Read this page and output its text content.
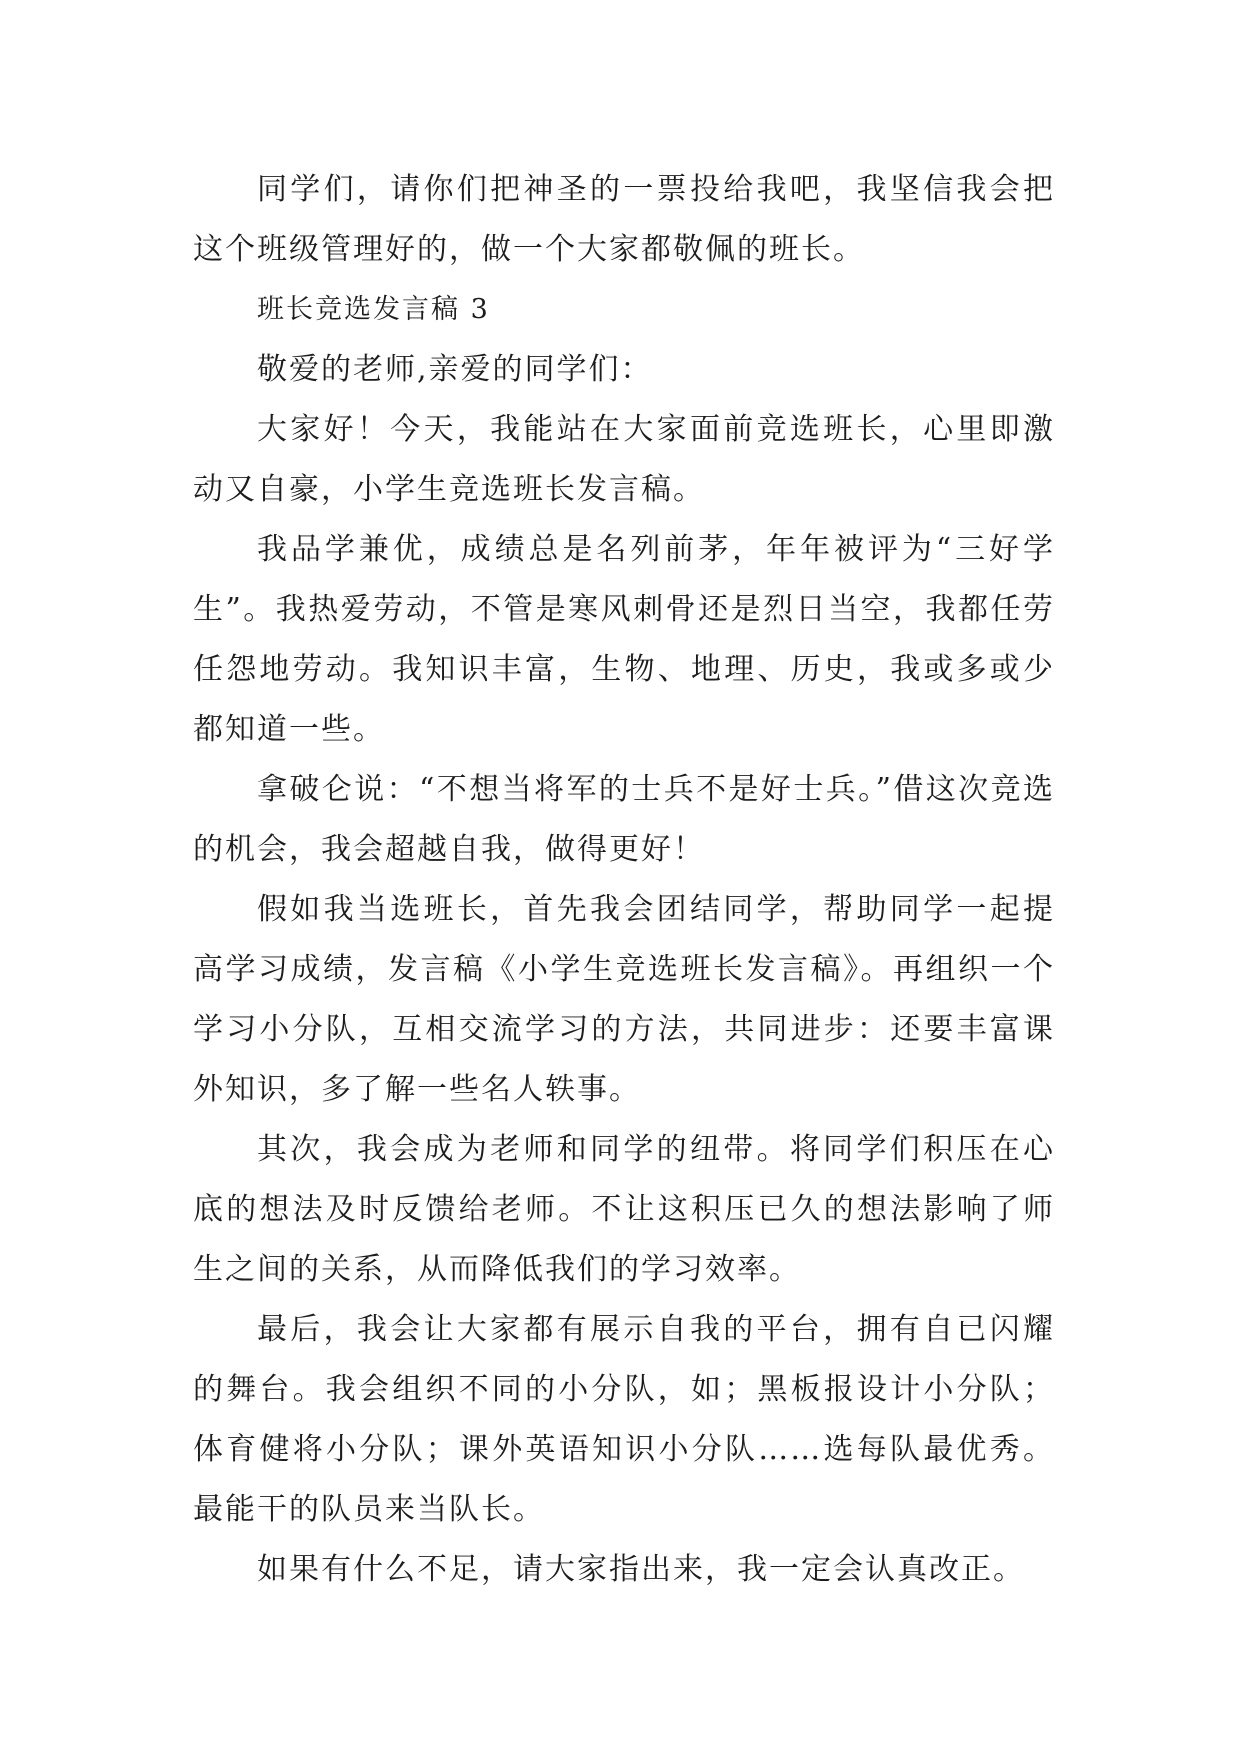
同学们，请你们把神圣的一票投给我吧，我坚信我会把这个班级管理好的，做一个大家都敬佩的班长。

班长竞选发言稿 3

敬爱的老师,亲爱的同学们：

大家好！今天，我能站在大家面前竞选班长，心里即激动又自豪，小学生竞选班长发言稿。

我品学兼优，成绩总是名列前茅，年年被评为“三好学生”。我热爱劳动，不管是寒风刺骨还是烈日当空，我都任劳任怨地劳动。我知识丰富，生物、地理、历史，我或多或少都知道一些。

拿破仑说：“不想当将军的士兵不是好士兵。”借这次竞选的机会，我会超越自我，做得更好！

假如我当选班长，首先我会团结同学，帮助同学一起提高学习成绩，发言稿《小学生竞选班长发言稿》。再组织一个学习小分队，互相交流学习的方法，共同进步：还要丰富课外知识，多了解一些名人轶事。

其次，我会成为老师和同学的纽带。将同学们积压在心底的想法及时反馈给老师。不让这积压已久的想法影响了师生之间的关系，从而降低我们的学习效率。

最后，我会让大家都有展示自我的平台，拥有自已闪耀的舞台。我会组织不同的小分队，如；黑板报设计小分队；体育健将小分队；课外英语知识小分队……选每队最优秀。最能干的队员来当队长。

如果有什么不足，请大家指出来，我一定会认真改正。
